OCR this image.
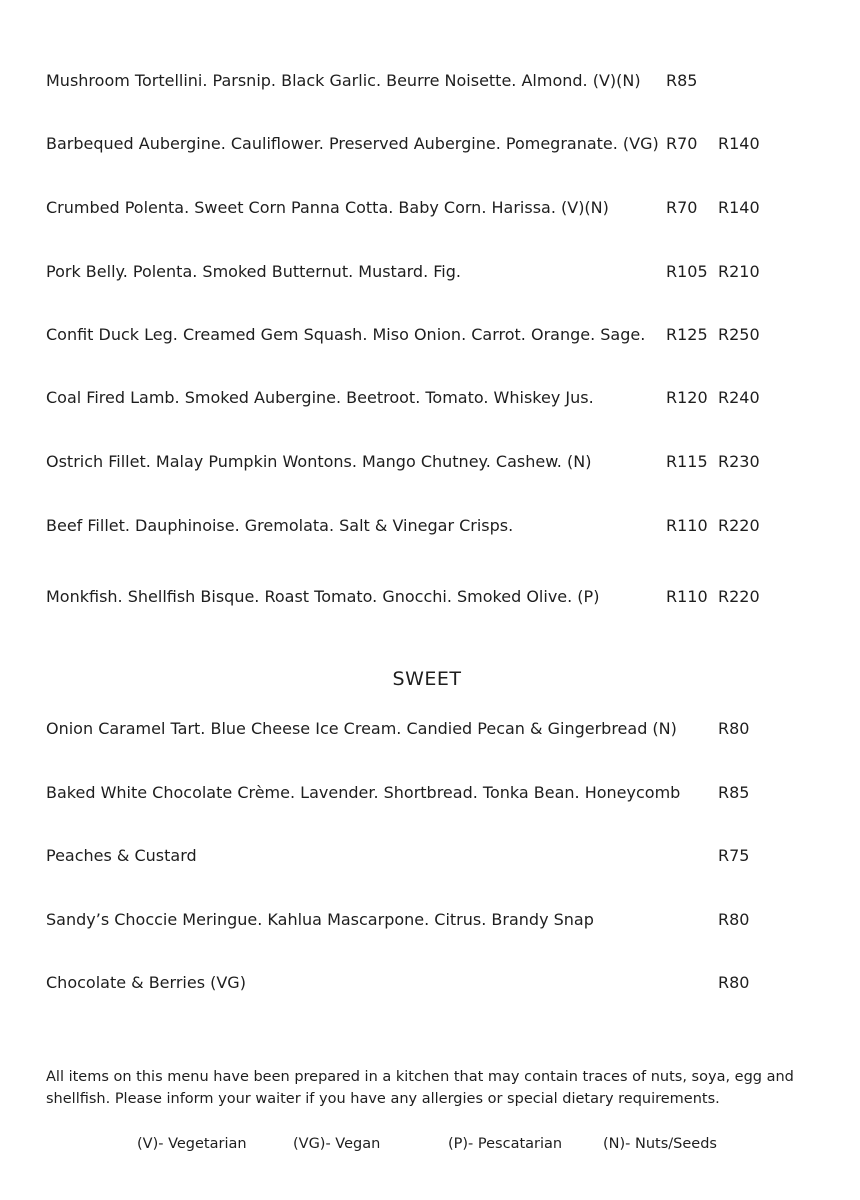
Mushroom Tortellini. Parsnip. Black Garlic. Beurre Noisette. Almond. (V)(N) R85
Barbequed Aubergine. Cauliflower. Preserved Aubergine. Pomegranate. (VG) R70 R140
Crumbed Polenta. Sweet Corn Panna Cotta. Baby Corn. Harissa. (V)(N)	R70 R140
Pork Belly. Polenta. Smoked Butternut. Mustard. Fig.	R105 R210
Confit Duck Leg. Creamed Gem Squash. Miso Onion. Carrot. Orange. Sage. R125 R250
Coal Fired Lamb. Smoked Aubergine. Beetroot. Tomato. Whiskey Jus.	R120 R240
Ostrich Fillet. Malay Pumpkin Wontons. Mango Chutney. Cashew. (N)	R115 R230
Beef Fillet. Dauphinoise. Gremolata. Salt & Vinegar Crisps.	R110 R220
Monkfish. Shellfish Bisque. Roast Tomato. Gnocchi. Smoked Olive. (P)	R110 R220
SWEET
Onion Caramel Tart. Blue Cheese Ice Cream. Candied Pecan & Gingerbread (N)	R80
Baked White Chocolate Crème. Lavender. Shortbread. Tonka Bean. Honeycomb R85
Peaches & Custard	R75
Sandy’s Choccie Meringue. Kahlua Mascarpone. Citrus. Brandy Snap	R80
Chocolate & Berries (VG)	R80
All items on this menu have been prepared in a kitchen that may contain traces of nuts, soya, egg and shellfish. Please inform your waiter if you have any allergies or special dietary requirements.
(V)- Vegetarian	(VG)- Vegan	(P)- Pescatarian	(N)- Nuts/Seeds
